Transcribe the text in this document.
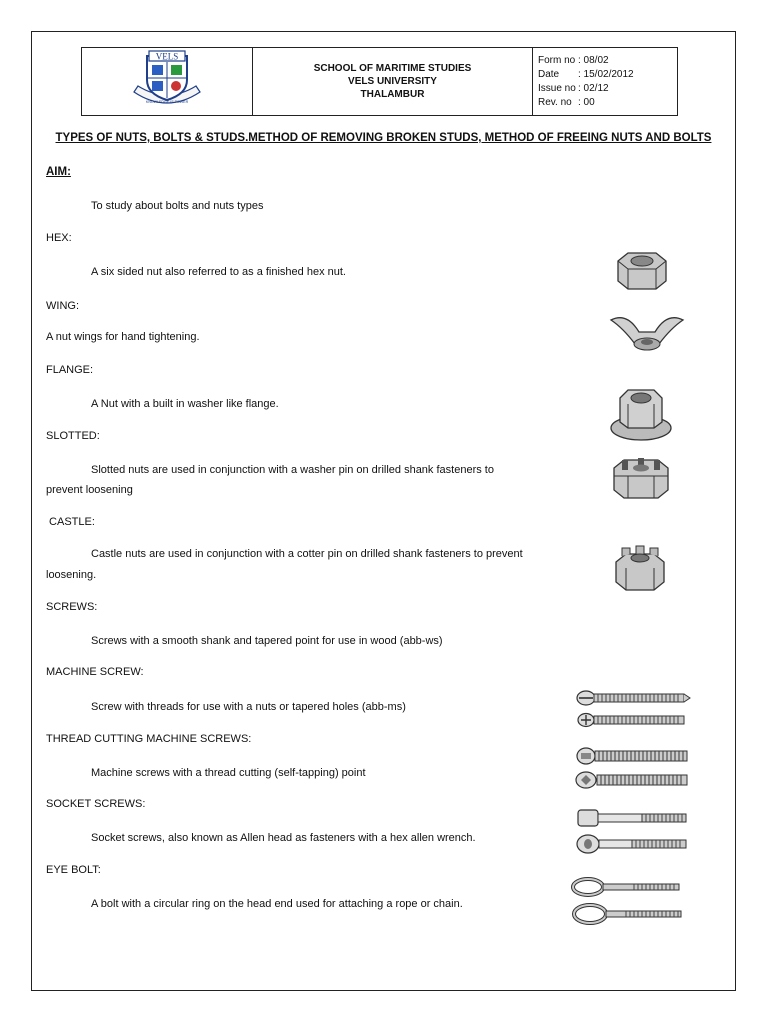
VELS
KNOWLEDGE IS POWER

SCHOOL OF MARITIME STUDIES
VELS UNIVERSITY
THALAMBUR

Form no : 08/02
Date : 15/02/2012
Issue no : 02/12
Rev. no : 00
TYPES OF NUTS, BOLTS & STUDS.METHOD OF REMOVING BROKEN STUDS, METHOD OF FREEING NUTS AND BOLTS
AIM:
To study about bolts and nuts types
HEX:
A six sided nut also referred to as a finished hex nut.
WING:
A nut wings for hand tightening.
FLANGE:
A Nut with a built in washer like flange.
SLOTTED:
Slotted nuts are used in conjunction with a washer pin on drilled shank fasteners to
prevent loosening
CASTLE:
Castle nuts are used in conjunction with a cotter pin on drilled shank fasteners to prevent
loosening.
SCREWS:
Screws with a smooth shank and tapered point for use in wood (abb-ws)
MACHINE SCREW:
Screw with threads for use with a nuts or tapered holes (abb-ms)
THREAD CUTTING MACHINE SCREWS:
Machine screws with a thread cutting (self-tapping) point
SOCKET SCREWS:
Socket screws, also known as Allen head as fasteners with a hex allen wrench.
EYE BOLT:
A bolt with a circular ring on the head end used for attaching a rope or chain.
